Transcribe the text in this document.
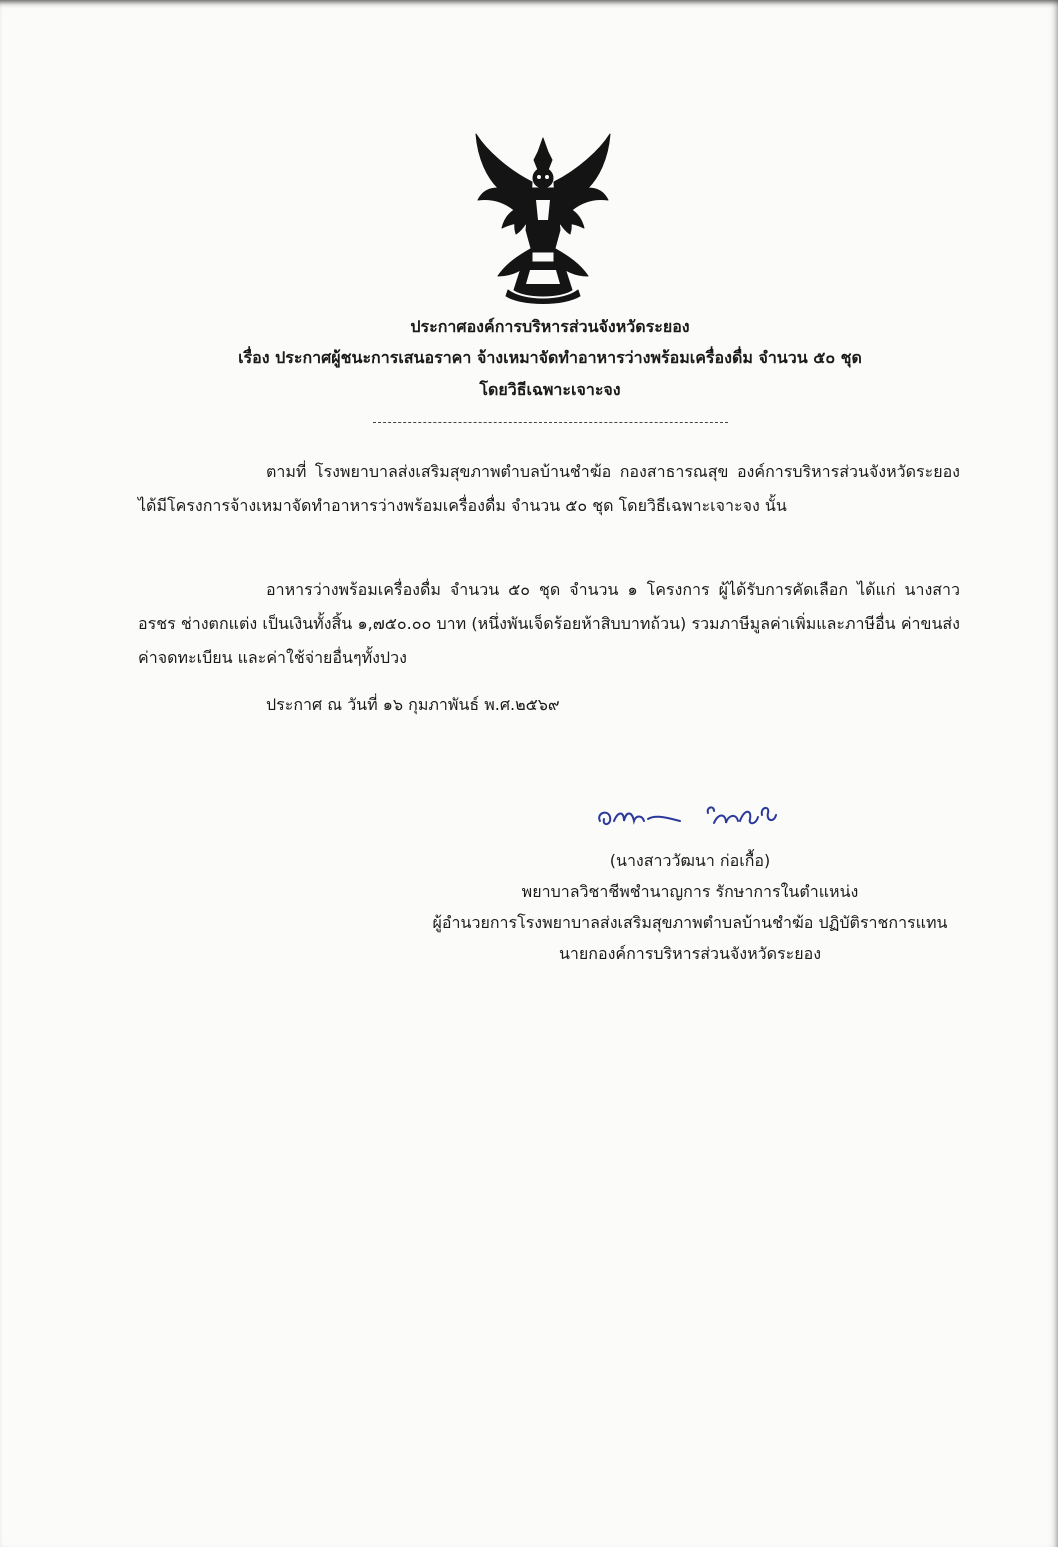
ประกาศองค์การบริหารส่วนจังหวัดระยอง
เรื่อง ประกาศผู้ชนะการเสนอราคา จ้างเหมาจัดทำอาหารว่างพร้อมเครื่องดื่ม จำนวน ๕๐ ชุด
โดยวิธีเฉพาะเจาะจง
ตามที่ โรงพยาบาลส่งเสริมสุขภาพตำบลบ้านชำฆ้อ กองสาธารณสุข องค์การบริหารส่วนจังหวัดระยอง ได้มีโครงการจ้างเหมาจัดทำอาหารว่างพร้อมเครื่องดื่ม จำนวน ๕๐ ชุด โดยวิธีเฉพาะเจาะจง นั้น
อาหารว่างพร้อมเครื่องดื่ม จำนวน ๕๐ ชุด จำนวน ๑ โครงการ ผู้ได้รับการคัดเลือก ได้แก่ นางสาวอรชร ช่างตกแต่ง เป็นเงินทั้งสิ้น ๑,๗๕๐.๐๐ บาท (หนึ่งพันเจ็ดร้อยห้าสิบบาทถ้วน) รวมภาษีมูลค่าเพิ่มและภาษีอื่น ค่าขนส่ง ค่าจดทะเบียน และค่าใช้จ่ายอื่นๆทั้งปวง
ประกาศ ณ วันที่ ๑๖ กุมภาพันธ์ พ.ศ.๒๕๖๙
(นางสาววัฒนา ก่อเกื้อ)
พยาบาลวิชาชีพชำนาญการ รักษาการในตำแหน่ง
ผู้อำนวยการโรงพยาบาลส่งเสริมสุขภาพตำบลบ้านชำฆ้อ ปฏิบัติราชการแทน
นายกองค์การบริหารส่วนจังหวัดระยอง
